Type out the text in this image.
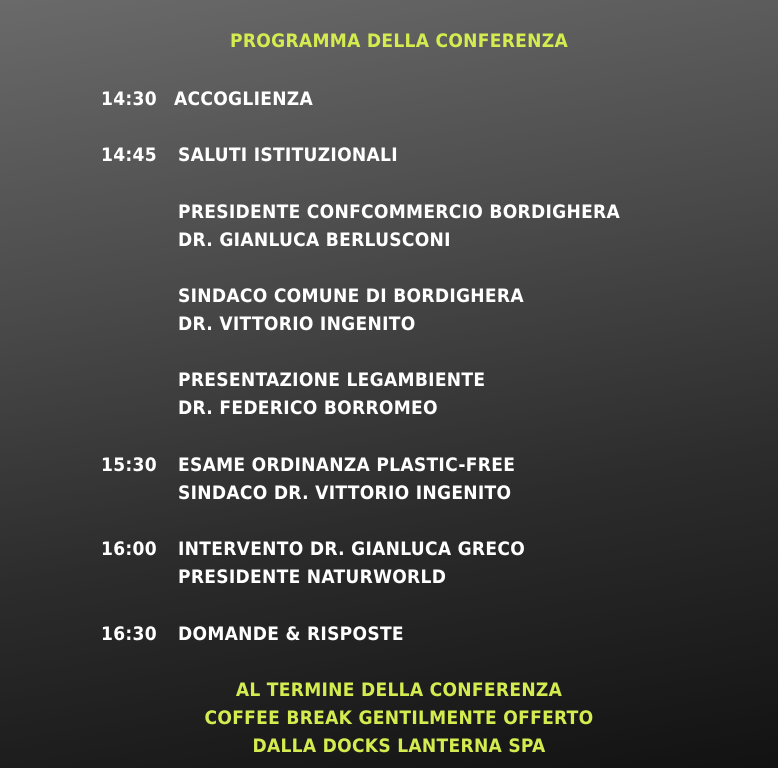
PROGRAMMA DELLA CONFERENZA
14:30 ACCOGLIENZA
14:45 SALUTI ISTITUZIONALI
PRESIDENTE CONFCOMMERCIO BORDIGHERA
DR. GIANLUCA BERLUSCONI
SINDACO COMUNE DI BORDIGHERA
DR. VITTORIO INGENITO
PRESENTAZIONE LEGAMBIENTE
DR. FEDERICO BORROMEO
15:30 ESAME ORDINANZA PLASTIC-FREE
SINDACO DR. VITTORIO INGENITO
16:00 INTERVENTO DR. GIANLUCA GRECO
PRESIDENTE NATURWORLD
16:30 DOMANDE & RISPOSTE
AL TERMINE DELLA CONFERENZA
COFFEE BREAK GENTILMENTE OFFERTO
DALLA DOCKS LANTERNA SPA
